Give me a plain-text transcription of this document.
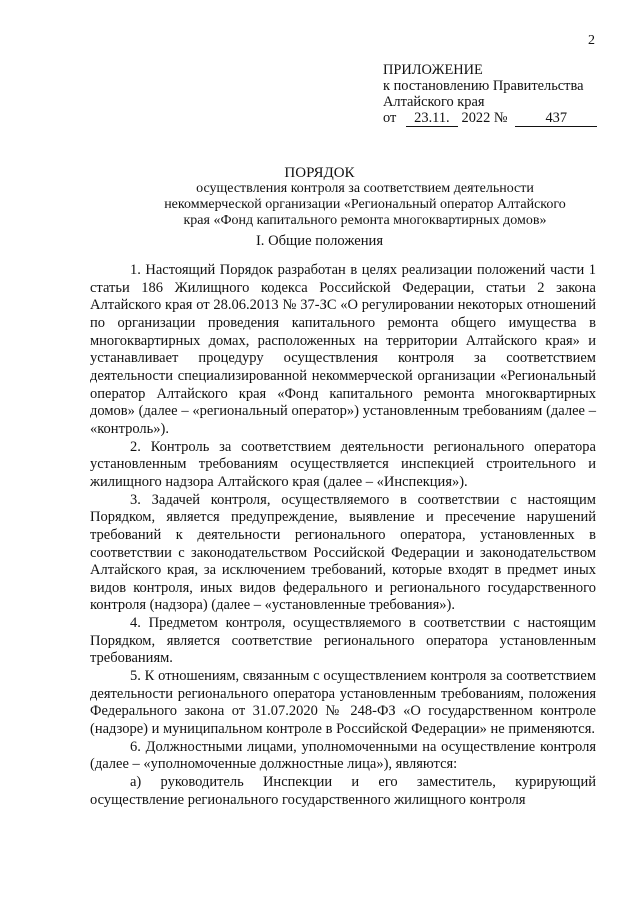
2
ПРИЛОЖЕНИЕ
к постановлению Правительства
Алтайского края
от 23.11. 2022 №	437
ПОРЯДОК
осуществления контроля за соответствием деятельности некоммерческой организации «Региональный оператор Алтайского края «Фонд капитального ремонта многоквартирных домов»
I. Общие положения

1. Настоящий Порядок разработан в целях реализации положений части 1 статьи 186 Жилищного кодекса Российской Федерации, статьи 2 закона Алтайского края от 28.06.2013 № 37-ЗС «О регулировании некоторых отношений по организации проведения капитального ремонта общего имущества в многоквартирных домах, расположенных на территории Алтайского края» и устанавливает процедуру осуществления контроля за соответствием деятельности специализированной некоммерческой организации «Региональный оператор Алтайского края «Фонд капитального ремонта многоквартирных домов» (далее – «региональный оператор») установленным требованиям (далее – «контроль»).

2. Контроль за соответствием деятельности регионального оператора установленным требованиям осуществляется инспекцией строительного и жилищного надзора Алтайского края (далее – «Инспекция»).

3. Задачей контроля, осуществляемого в соответствии с настоящим Порядком, является предупреждение, выявление и пресечение нарушений требований к деятельности регионального оператора, установленных в соответствии с законодательством Российской Федерации и законодательством Алтайского края, за исключением требований, которые входят в предмет иных видов контроля, иных видов федерального и регионального государственного контроля (надзора) (далее – «установленные требования»).

4. Предметом контроля, осуществляемого в соответствии с настоящим Порядком, является соответствие регионального оператора установленным требованиям.

5. К отношениям, связанным с осуществлением контроля за соответствием деятельности регионального оператора установленным требованиям, положения Федерального закона от 31.07.2020 № 248-ФЗ «О государственном контроле (надзоре) и муниципальном контроле в Российской Федерации» не применяются.

6. Должностными лицами, уполномоченными на осуществление контроля (далее – «уполномоченные должностные лица»), являются:

а) руководитель Инспекции и его заместитель, курирующий осуществление регионального государственного жилищного контроля
